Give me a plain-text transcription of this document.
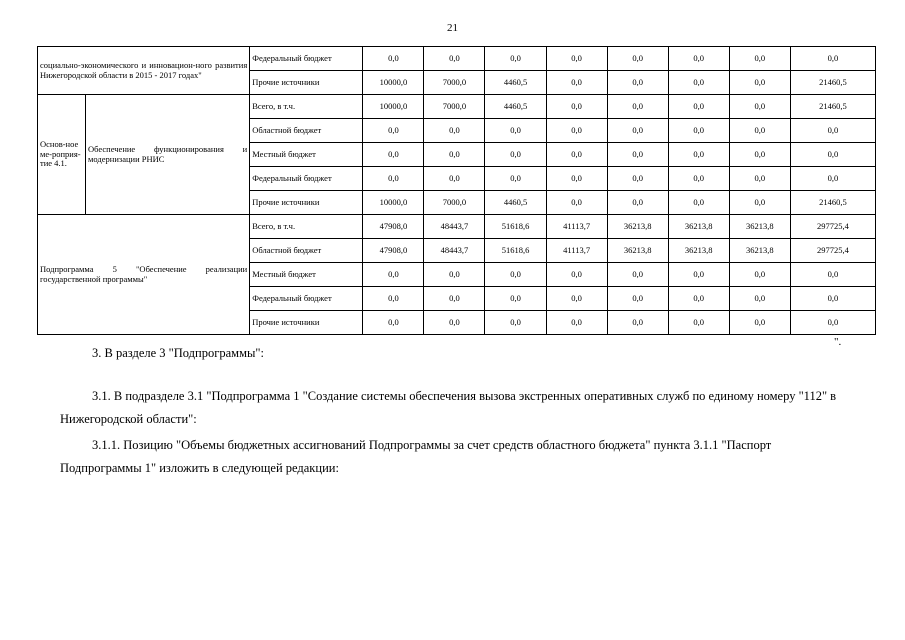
21
социально-экономического и инновацион-ного развития Нижегородской области в 2015 - 2017 годах"		Федеральный бюджет	0,0	0,0	0,0	0,0	0,0	0,0	0,0	0,0
		Прочие источники	10000,0	7000,0	4460,5	0,0	0,0	0,0	0,0	21460,5
Основ-ное ме-роприя-тие 4.1.	Обеспечение функционирования и модернизации РНИС	Всего, в т.ч.	10000,0	7000,0	4460,5	0,0	0,0	0,0	0,0	21460,5
		Областной бюджет	0,0	0,0	0,0	0,0	0,0	0,0	0,0	0,0
		Местный бюджет	0,0	0,0	0,0	0,0	0,0	0,0	0,0	0,0
		Федеральный бюджет	0,0	0,0	0,0	0,0	0,0	0,0	0,0	0,0
		Прочие источники	10000,0	7000,0	4460,5	0,0	0,0	0,0	0,0	21460,5
Подпрограмма 5 "Обеспечение реализации государственной программы"		Всего, в т.ч.	47908,0	48443,7	51618,6	41113,7	36213,8	36213,8	36213,8	297725,4
		Областной бюджет	47908,0	48443,7	51618,6	41113,7	36213,8	36213,8	36213,8	297725,4
		Местный бюджет	0,0	0,0	0,0	0,0	0,0	0,0	0,0	0,0
		Федеральный бюджет	0,0	0,0	0,0	0,0	0,0	0,0	0,0	0,0
		Прочие источники	0,0	0,0	0,0	0,0	0,0	0,0	0,0	0,0
".

3. В разделе 3 "Подпрограммы":

3.1. В подразделе 3.1 "Подпрограмма 1 "Создание системы обеспечения вызова экстренных оперативных служб по единому номеру "112" в Нижегородской области":

3.1.1. Позицию "Объемы бюджетных ассигнований Подпрограммы за счет средств областного бюджета" пункта 3.1.1 "Паспорт Подпрограммы 1" изложить в следующей редакции:
